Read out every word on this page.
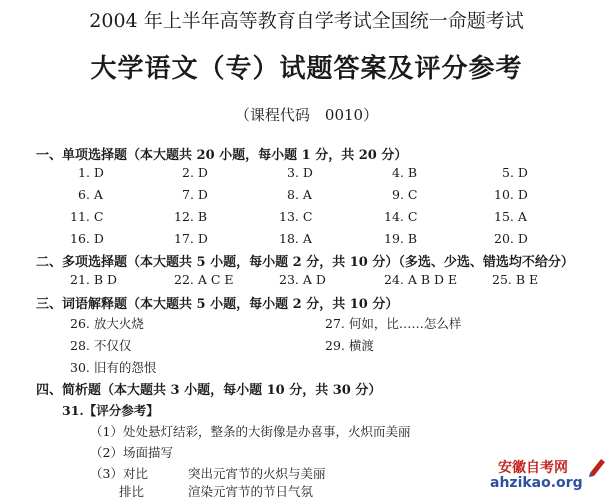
2004 年上半年高等教育自学考试全国统一命题考试
大学语文（专）试题答案及评分参考
（课程代码　0010）
一、单项选择题（本大题共 20 小题，每小题 1 分，共 20 分）
1. D	2. D	3. D	4. B	5. D
6. A	7. D	8. A	9. C	10. D
11. C	12. B	13. C	14. C	15. A
16. D	17. D	18. A	19. B	20. D
二、多项选择题（本大题共 5 小题，每小题 2 分，共 10 分）（多选、少选、错选均不给分）
21. B D	22. A C E	23. A D	24. A B D E	25. B E
三、词语解释题（本大题共 5 小题，每小题 2 分，共 10 分）
26. 放大火烧	27. 何如，比……怎么样
28. 不仅仅	29. 横渡
30. 旧有的怨恨
四、简析题（本大题共 3 小题，每小题 10 分，共 30 分）
31.【评分参考】
（1）处处悬灯结彩，整条的大街像是办喜事，火炽而美丽
（2）场面描写
（3）对比	突出元宵节的火炽与美丽
排比	渲染元宵节的节日气氛
安徽自考网
ahzikao.org
